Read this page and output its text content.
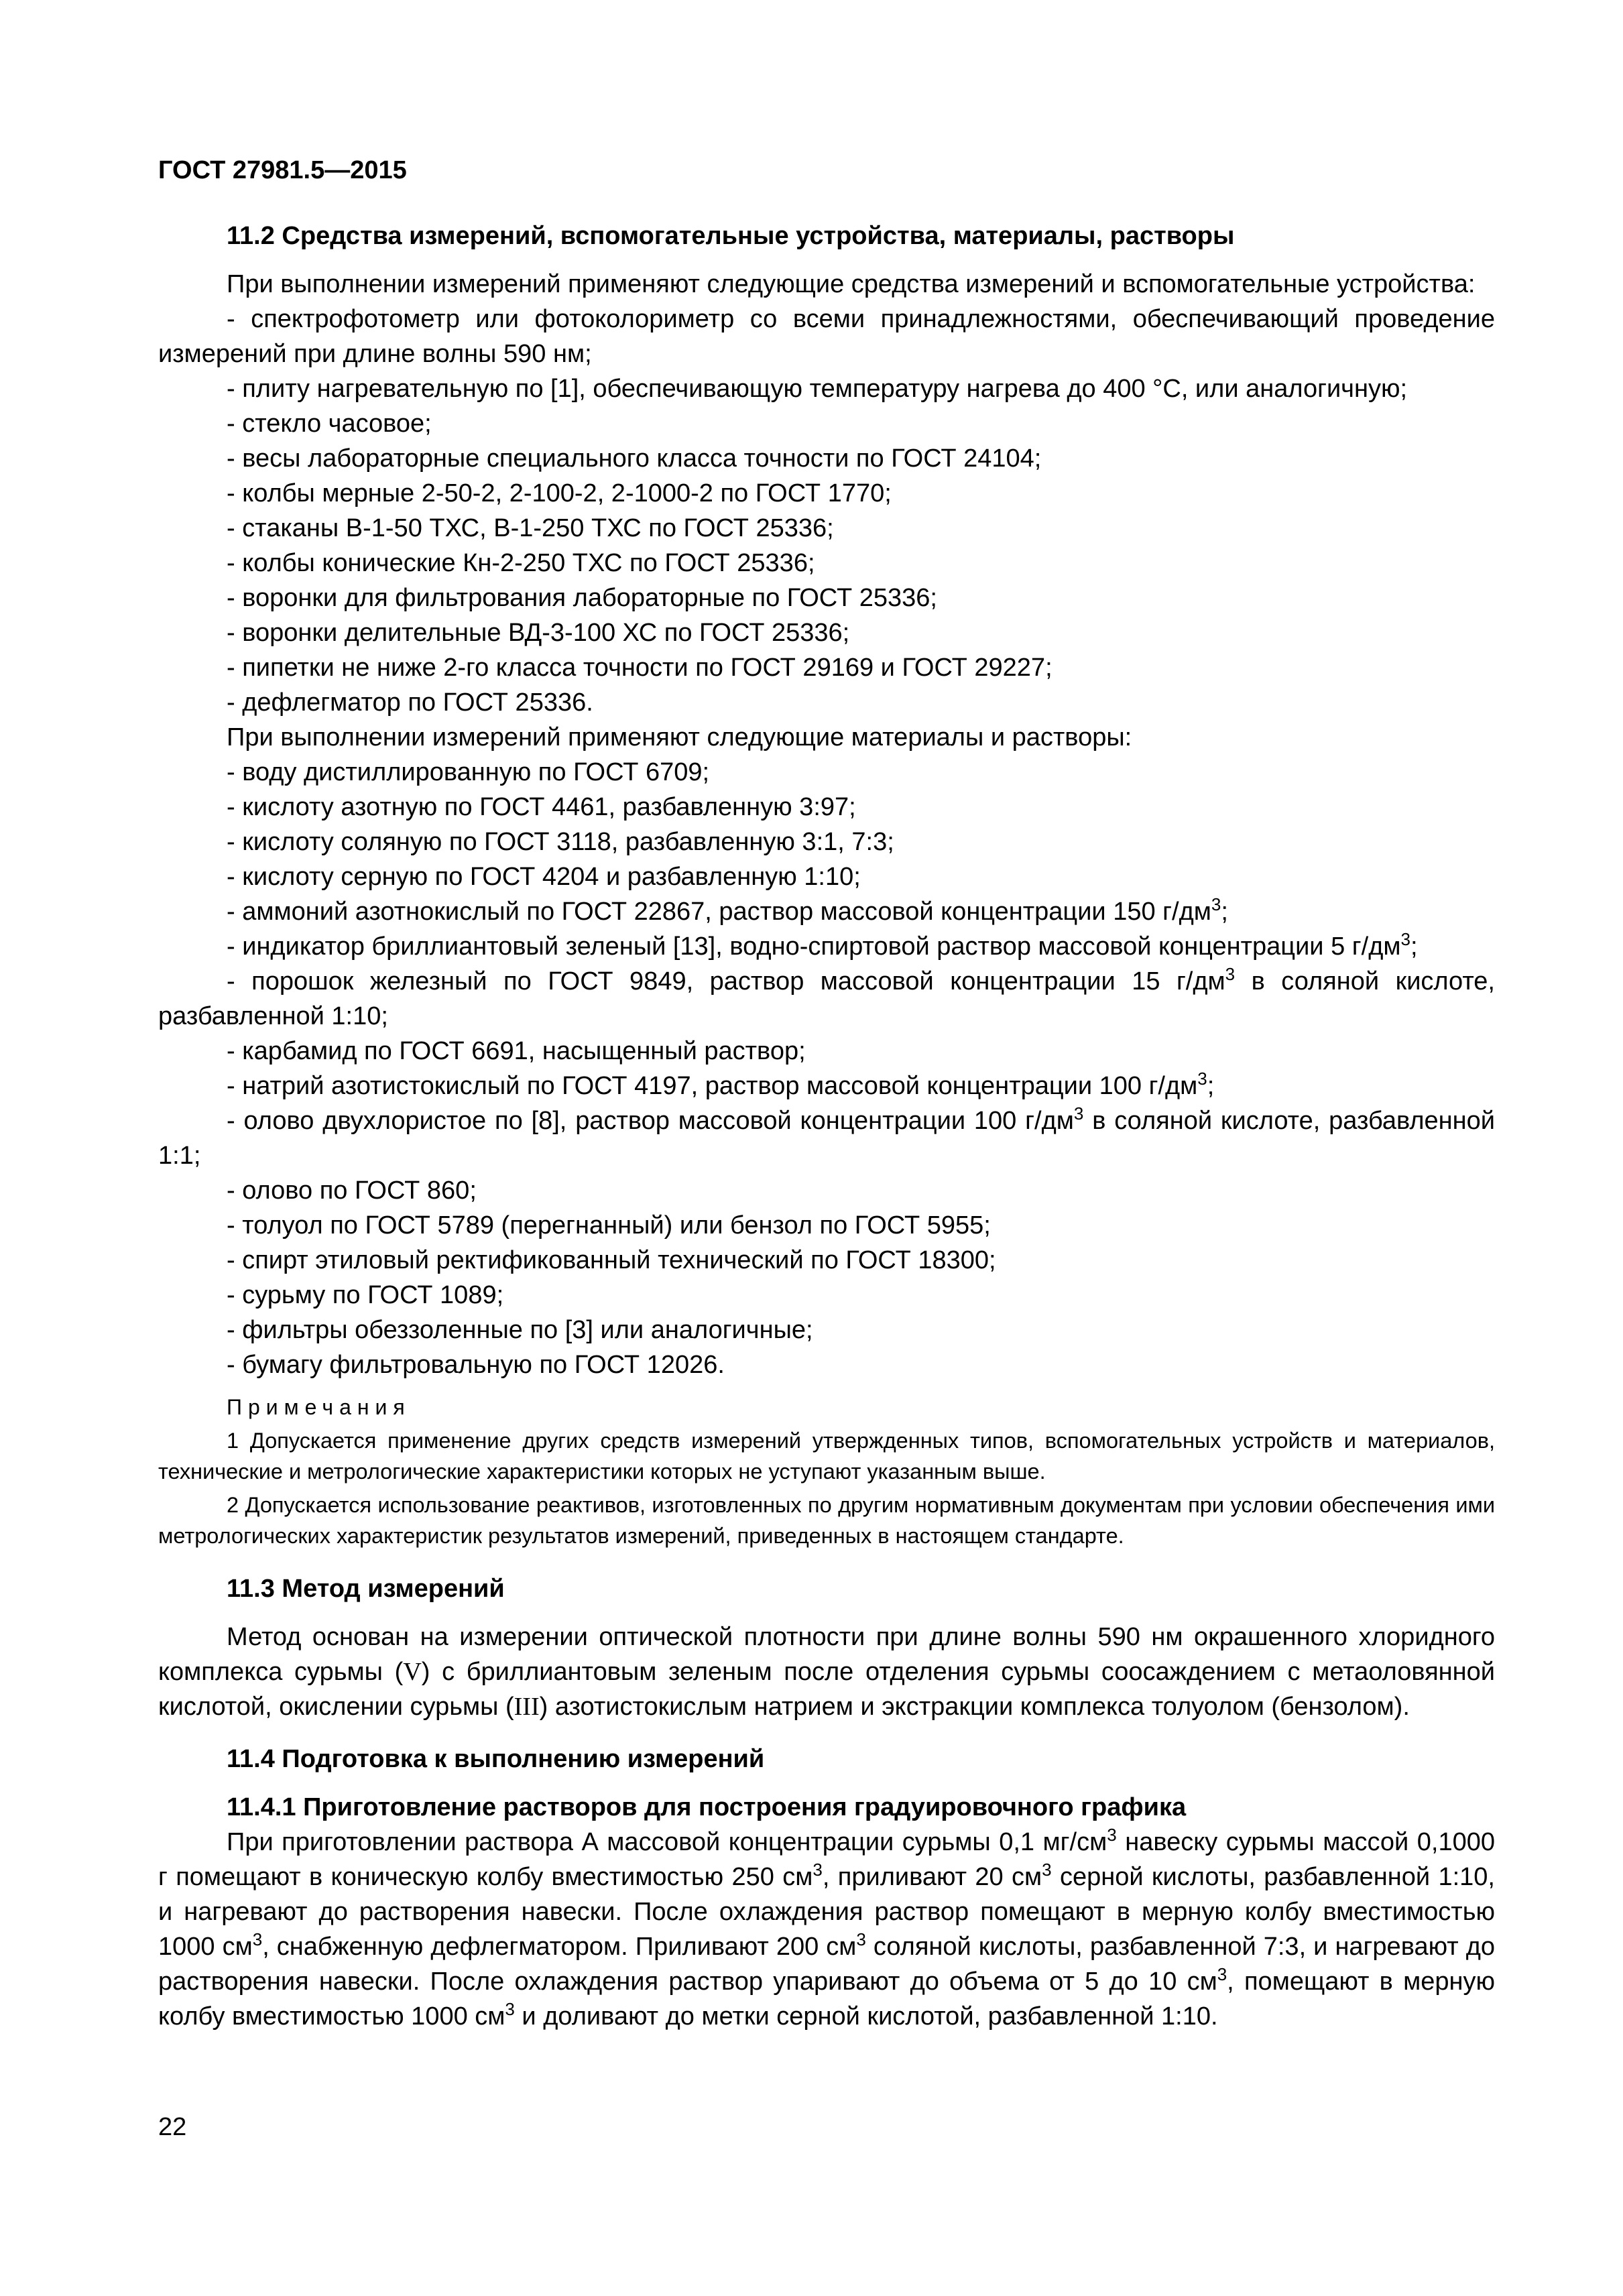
ГОСТ 27981.5—2015
11.2 Средства измерений, вспомогательные устройства, материалы, растворы

При выполнении измерений применяют следующие средства измерений и вспомогательные устройства:

- спектрофотометр или фотоколориметр со всеми принадлежностями, обеспечивающий проведение измерений при длине волны 590 нм;

- плиту нагревательную по [1], обеспечивающую температуру нагрева до 400 °С, или аналогичную;

- стекло часовое;

- весы лабораторные специального класса точности по ГОСТ 24104;

- колбы мерные 2-50-2, 2-100-2, 2-1000-2 по ГОСТ 1770;

- стаканы В-1-50 ТХС, В-1-250 ТХС по ГОСТ 25336;

- колбы конические Кн-2-250 ТХС по ГОСТ 25336;

- воронки для фильтрования лабораторные по ГОСТ 25336;

- воронки делительные ВД-3-100 ХС по ГОСТ 25336;

- пипетки не ниже 2-го класса точности по ГОСТ 29169 и ГОСТ 29227;

- дефлегматор по ГОСТ 25336.

При выполнении измерений применяют следующие материалы и растворы:

- воду дистиллированную по ГОСТ 6709;

- кислоту азотную по ГОСТ 4461, разбавленную 3:97;

- кислоту соляную по ГОСТ 3118, разбавленную 3:1, 7:3;

- кислоту серную по ГОСТ 4204 и разбавленную 1:10;

- аммоний азотнокислый по ГОСТ 22867, раствор массовой концентрации 150 $г/дм^3$;

- индикатор бриллиантовый зеленый [13], водно-спиртовой раствор массовой концентрации 5 $г/дм^3$;

- порошок железный по ГОСТ 9849, раствор массовой концентрации 15 $г/дм^3$ в соляной кислоте, разбавленной 1:10;

- карбамид по ГОСТ 6691, насыщенный раствор;

- натрий азотистокислый по ГОСТ 4197, раствор массовой концентрации 100 $г/дм^3$;

- олово двухлористое по [8], раствор массовой концентрации 100 $г/дм^3$ в соляной кислоте, разбавленной 1:1;

- олово по ГОСТ 860;

- толуол по ГОСТ 5789 (перегнанный) или бензол по ГОСТ 5955;

- спирт этиловый ректификованный технический по ГОСТ 18300;

- сурьму по ГОСТ 1089;

- фильтры обеззоленные по [3] или аналогичные;

- бумагу фильтровальную по ГОСТ 12026.

Примечания

1 Допускается применение других средств измерений утвержденных типов, вспомогательных устройств и материалов, технические и метрологические характеристики которых не уступают указанным выше.

2 Допускается использование реактивов, изготовленных по другим нормативным документам при условии обеспечения ими метрологических характеристик результатов измерений, приведенных в настоящем стандарте.

11.3 Метод измерений

Метод основан на измерении оптической плотности при длине волны 590 нм окрашенного хлоридного комплекса сурьмы (V) с бриллиантовым зеленым после отделения сурьмы соосаждением с метаоловянной кислотой, окислении сурьмы (III) азотистокислым натрием и экстракции комплекса толуолом (бензолом).

11.4 Подготовка к выполнению измерений
11.4.1 Приготовление растворов для построения градуировочного графика

При приготовлении раствора А массовой концентрации сурьмы 0,1 $мг/см^3$ навеску сурьмы массой 0,1000 г помещают в коническую колбу вместимостью 250 $см^3$, приливают 20 $см^3$ серной кислоты, разбавленной 1:10, и нагревают до растворения навески. После охлаждения раствор помещают в мерную колбу вместимостью 1000 $см^3$, снабженную дефлегматором. Приливают 200 $см^3$ соляной кислоты, разбавленной 7:3, и нагревают до растворения навески. После охлаждения раствор упаривают до объема от 5 до 10 $см^3$, помещают в мерную колбу вместимостью 1000 $см^3$ и доливают до метки серной кислотой, разбавленной 1:10.

22
